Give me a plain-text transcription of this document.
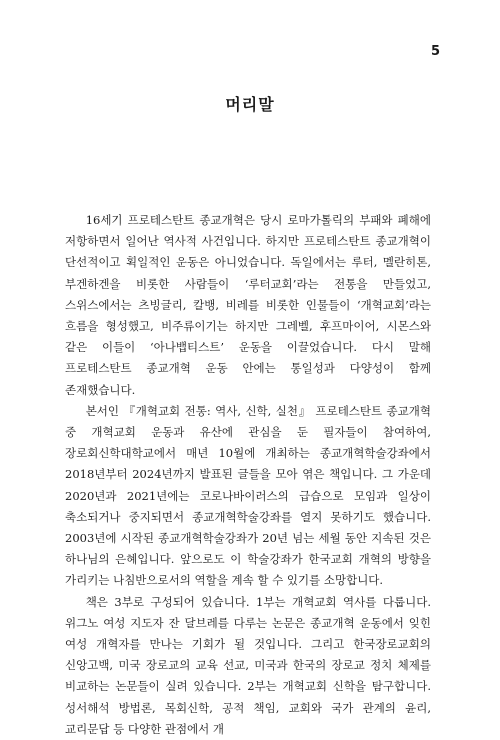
5
머리말

16세기 프로테스탄트 종교개혁은 당시 로마가톨릭의 부패와 폐해에 저항하면서 일어난 역사적 사건입니다. 하지만 프로테스탄트 종교개혁이 단선적이고 획일적인 운동은 아니었습니다. 독일에서는 루터, 멜란히톤, 부겐하겐을 비롯한 사람들이 ‘루터교회’라는 전통을 만들었고, 스위스에서는 츠빙글리, 칼뱅, 비레를 비롯한 인물들이 ‘개혁교회’라는 흐름을 형성했고, 비주류이기는 하지만 그레벨, 후프마이어, 시몬스와 같은 이들이 ‘아나뱁티스트’ 운동을 이끌었습니다. 다시 말해 프로테스탄트 종교개혁 운동 안에는 통일성과 다양성이 함께 존재했습니다.

본서인 『개혁교회 전통: 역사, 신학, 실천』 프로테스탄트 종교개혁 중 개혁교회 운동과 유산에 관심을 둔 필자들이 참여하여, 장로회신학대학교에서 매년 10월에 개최하는 종교개혁학술강좌에서 2018년부터 2024년까지 발표된 글들을 모아 엮은 책입니다. 그 가운데 2020년과 2021년에는 코로나바이러스의 급습으로 모임과 일상이 축소되거나 중지되면서 종교개혁학술강좌를 열지 못하기도 했습니다. 2003년에 시작된 종교개혁학술강좌가 20년 넘는 세월 동안 지속된 것은 하나님의 은혜입니다. 앞으로도 이 학술강좌가 한국교회 개혁의 방향을 가리키는 나침반으로서의 역할을 계속 할 수 있기를 소망합니다.

책은 3부로 구성되어 있습니다. 1부는 개혁교회 역사를 다룹니다. 위그노 여성 지도자 잔 달브레를 다루는 논문은 종교개혁 운동에서 잊힌 여성 개혁자를 만나는 기회가 될 것입니다. 그리고 한국장로교회의 신앙고백, 미국 장로교의 교육 선교, 미국과 한국의 장로교 정치 체제를 비교하는 논문들이 실려 있습니다. 2부는 개혁교회 신학을 탐구합니다. 성서해석 방법론, 목회신학, 공적 책임, 교회와 국가 관계의 윤리, 교리문답 등 다양한 관점에서 개
